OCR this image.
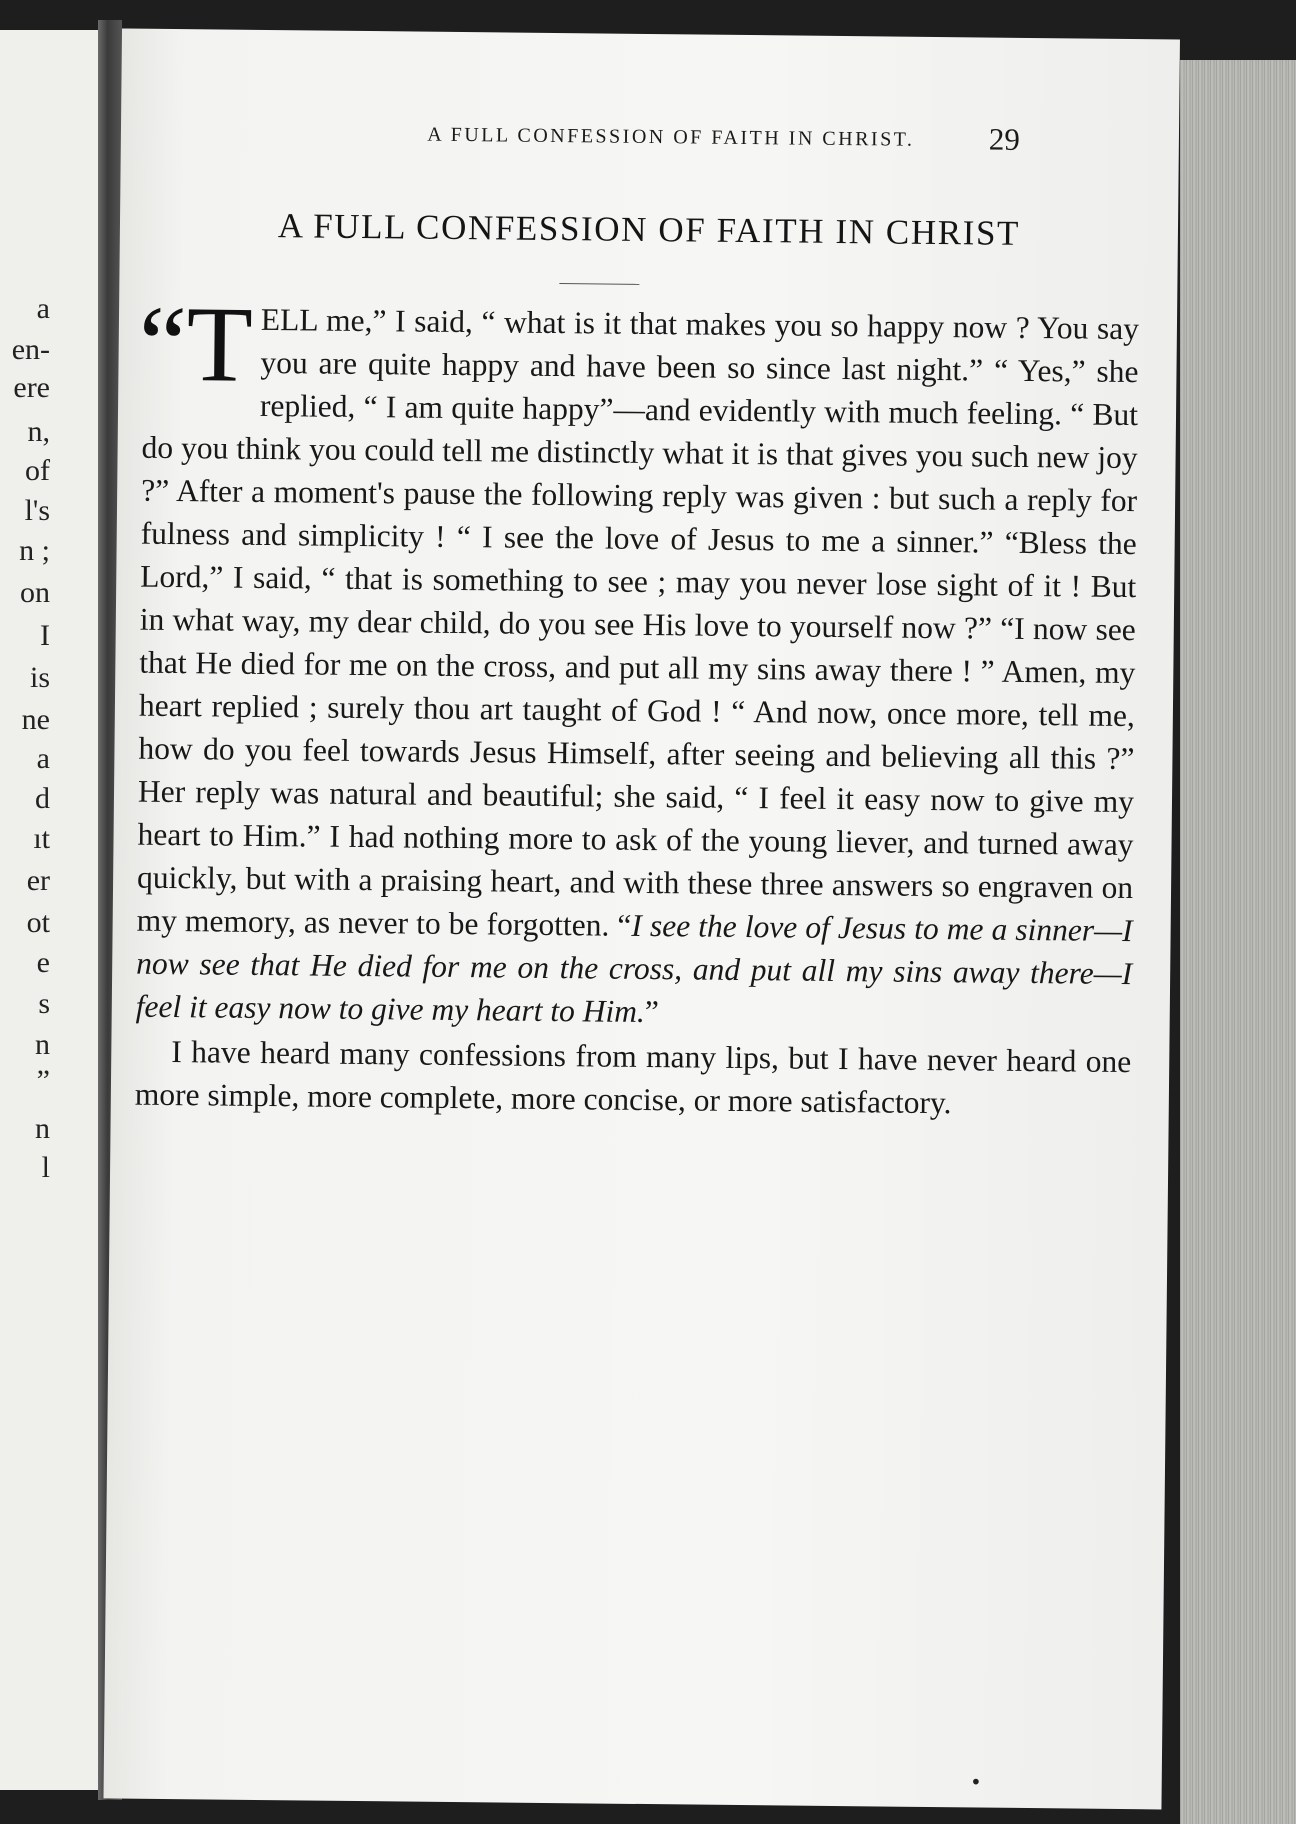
a
en-
ere
n,
of
l's
n ;
on
I
is
ne
a
d
ıt
er
ot
e
s
n
”
n
l
A FULL CONFESSION OF FAITH IN CHRIST.	29
A FULL CONFESSION OF FAITH IN CHRIST

“TELL me,” I said, “ what is it that makes you so happy now ? You say you are quite happy and have been so since last night.” “ Yes,” she replied, “ I am quite happy”—and evidently with much feeling. “ But do you think you could tell me distinctly what it is that gives you such new joy ?” After a moment's pause the following reply was given : but such a reply for fulness and simplicity ! “ I see the love of Jesus to me a sinner.” “Bless the Lord,” I said, “ that is something to see ; may you never lose sight of it ! But in what way, my dear child, do you see His love to yourself now ?” “I now see that He died for me on the cross, and put all my sins away there ! ” Amen, my heart replied ; surely thou art taught of God ! “ And now, once more, tell me, how do you feel towards Jesus Himself, after seeing and believing all this ?” Her reply was natural and beautiful; she said, “ I feel it easy now to give my heart to Him.” I had nothing more to ask of the young liever, and turned away quickly, but with a praising heart, and with these three answers so engraven on my memory, as never to be forgotten. “I see the love of Jesus to me a sinner—I now see that He died for me on the cross, and put all my sins away there—I feel it easy now to give my heart to Him.”

I have heard many confessions from many lips, but I have never heard one more simple, more complete, more concise, or more satisfactory.

•
